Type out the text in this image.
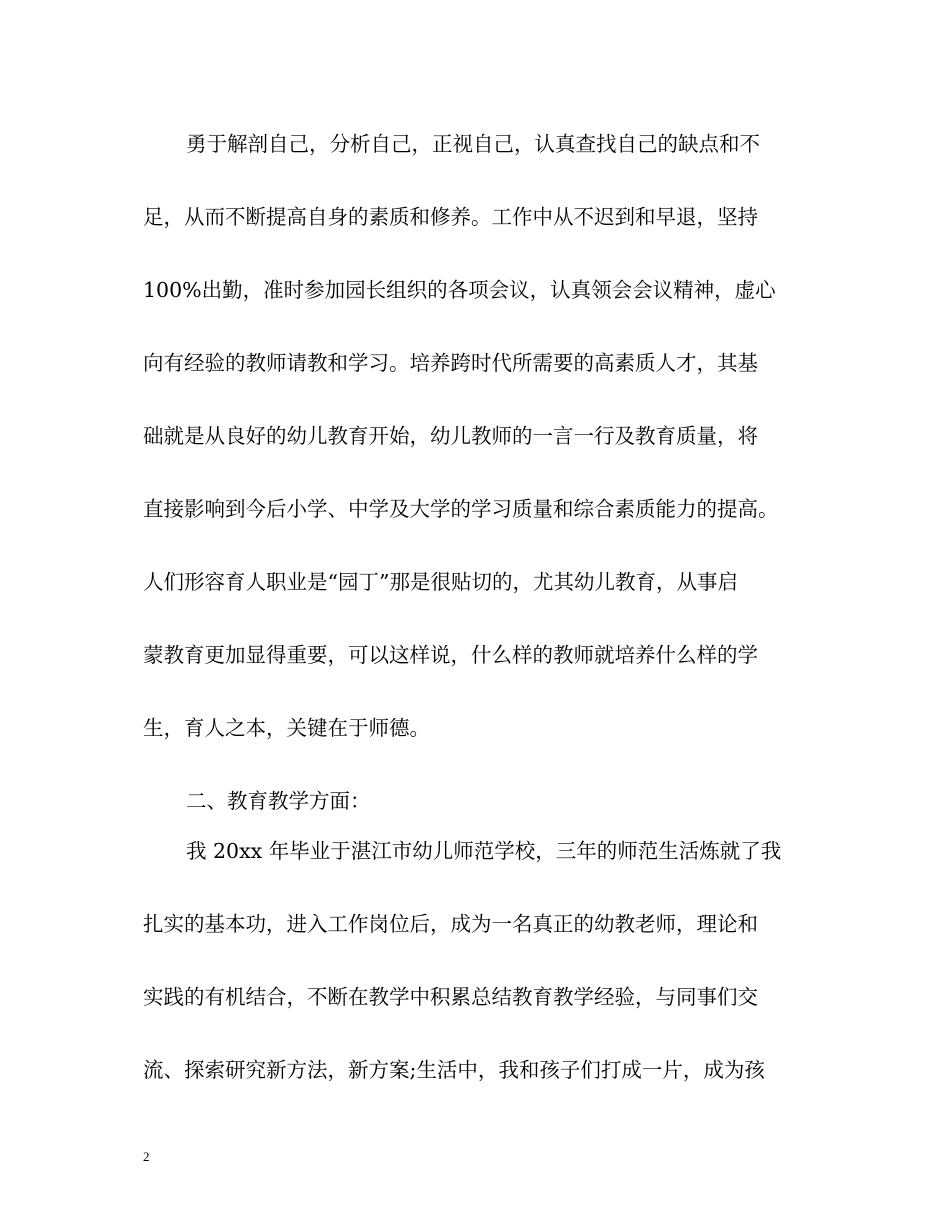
勇于解剖自己，分析自己，正视自己，认真查找自己的缺点和不
足，从而不断提高自身的素质和修养。工作中从不迟到和早退，坚持
100%出勤，准时参加园长组织的各项会议，认真领会会议精神，虚心
向有经验的教师请教和学习。培养跨时代所需要的高素质人才，其基
础就是从良好的幼儿教育开始，幼儿教师的一言一行及教育质量，将
直接影响到今后小学、中学及大学的学习质量和综合素质能力的提高。
人们形容育人职业是“园丁”那是很贴切的，尤其幼儿教育，从事启
蒙教育更加显得重要，可以这样说，什么样的教师就培养什么样的学
生，育人之本，关键在于师德。
二、教育教学方面：
我 20xx 年毕业于湛江市幼儿师范学校，三年的师范生活炼就了我
扎实的基本功，进入工作岗位后，成为一名真正的幼教老师，理论和
实践的有机结合，不断在教学中积累总结教育教学经验，与同事们交
流、探索研究新方法，新方案;生活中，我和孩子们打成一片，成为孩
2
